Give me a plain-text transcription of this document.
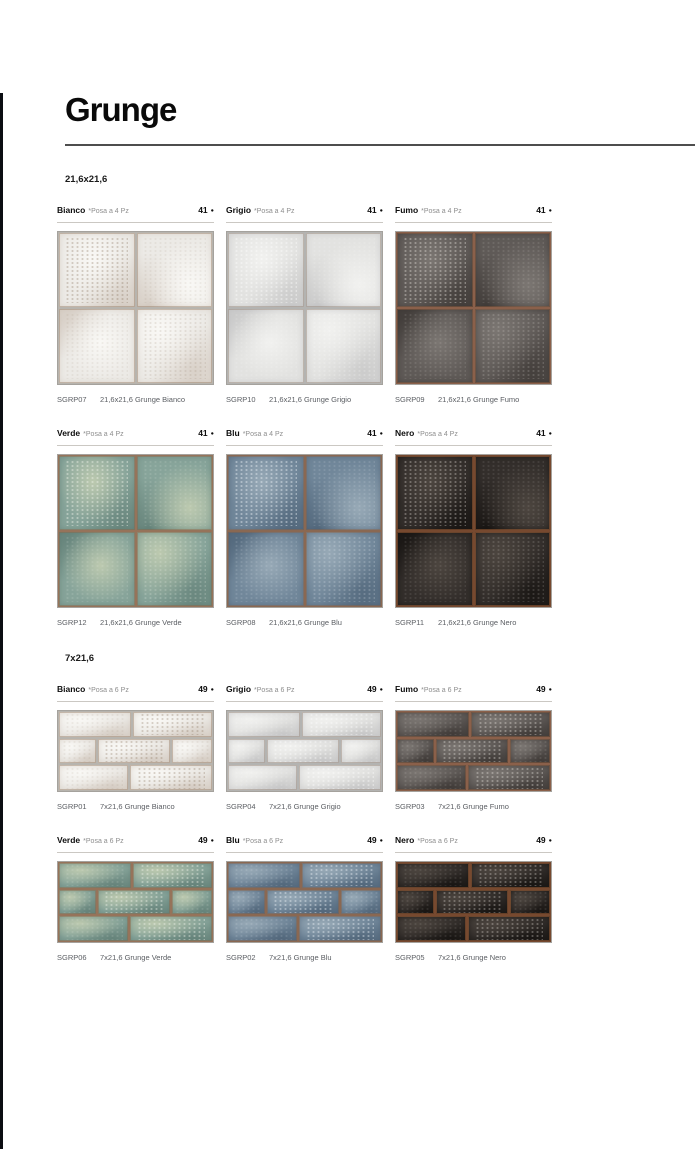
Grunge
21,6x21,6
Bianco *Posa a 4 Pz	41 ●
SGRP07	21,6x21,6 Grunge Bianco
Grigio *Posa a 4 Pz	41 ●
SGRP10	21,6x21,6 Grunge Grigio
Fumo *Posa a 4 Pz	41 ●
SGRP09	21,6x21,6 Grunge Fumo
Verde *Posa a 4 Pz	41 ●
SGRP12	21,6x21,6 Grunge Verde
Blu *Posa a 4 Pz	41 ●
SGRP08	21,6x21,6 Grunge Blu
Nero *Posa a 4 Pz	41 ●
SGRP11	21,6x21,6 Grunge Nero
7x21,6
Bianco *Posa a 6 Pz	49 ●
SGRP01	7x21,6 Grunge Bianco
Grigio *Posa a 6 Pz	49 ●
SGRP04	7x21,6 Grunge Grigio
Fumo *Posa a 6 Pz	49 ●
SGRP03	7x21,6 Grunge Fumo
Verde *Posa a 6 Pz	49 ●
SGRP06	7x21,6 Grunge Verde
Blu *Posa a 6 Pz	49 ●
SGRP02	7x21,6 Grunge Blu
Nero *Posa a 6 Pz	49 ●
SGRP05	7x21,6 Grunge Nero
